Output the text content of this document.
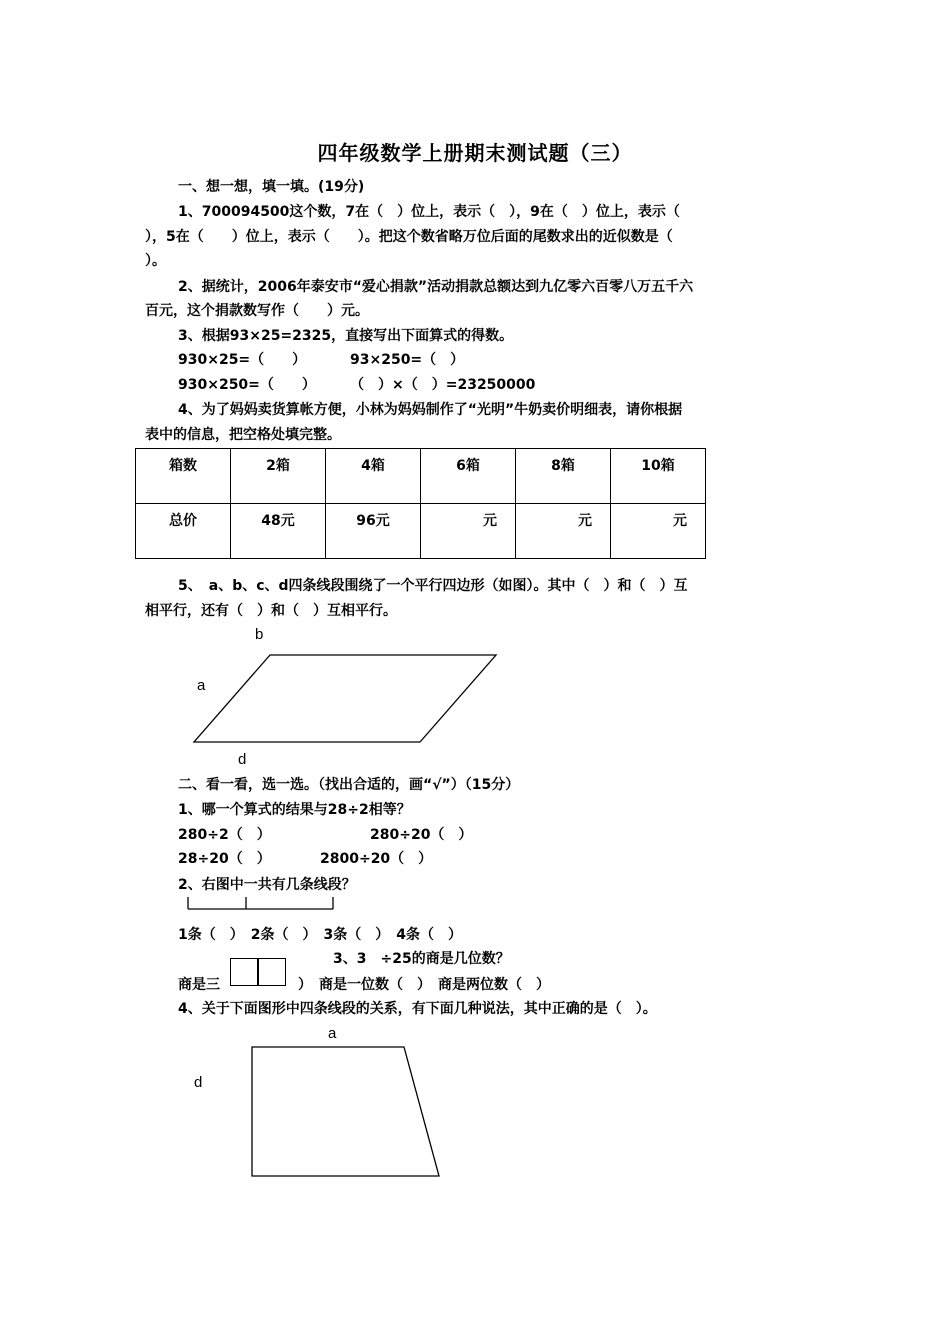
四年级数学上册期末测试题（三）
一、想一想，填一填。(19分)
1、700094500这个数，7在（　）位上，表示（　），9在（　）位上，表示（
），5在（　　）位上，表示（　　）。把这个数省略万位后面的尾数求出的近似数是（
）。
2、据统计，2006年泰安市“爱心捐款”活动捐款总额达到九亿零六百零八万五千六
百元，这个捐款数写作（　　）元。
3、根据93×25=2325，直接写出下面算式的得数。
930×25=（　　）	93×250=（　）
930×250=（　　） （　）×（　）=23250000
4、为了妈妈卖货算帐方便，小林为妈妈制作了“光明”牛奶卖价明细表，请你根据
表中的信息，把空格处填完整。
箱数	2箱	4箱	6箱	8箱	10箱
总价	48元	96元	元	元	元
5、　a、b、c、d四条线段围绕了一个平行四边形（如图）。其中（　）和（　）互
相平行，还有（　）和（　）互相平行。
b
a
d
二、看一看，选一选。（找出合适的，画“√”）（15分）
1、哪一个算式的结果与28÷2相等？
280÷2（　）	280÷20（　）
28÷20（　）	2800÷20（　）
2、右图中一共有几条线段？
1条（　）　2条（　）　3条（　）　4条（　）
3、3　÷25的商是几位数？
商是三	）　商是一位数（　）　商是两位数（　）
4、关于下面图形中四条线段的关系，有下面几种说法，其中正确的是（　）。
a
d
